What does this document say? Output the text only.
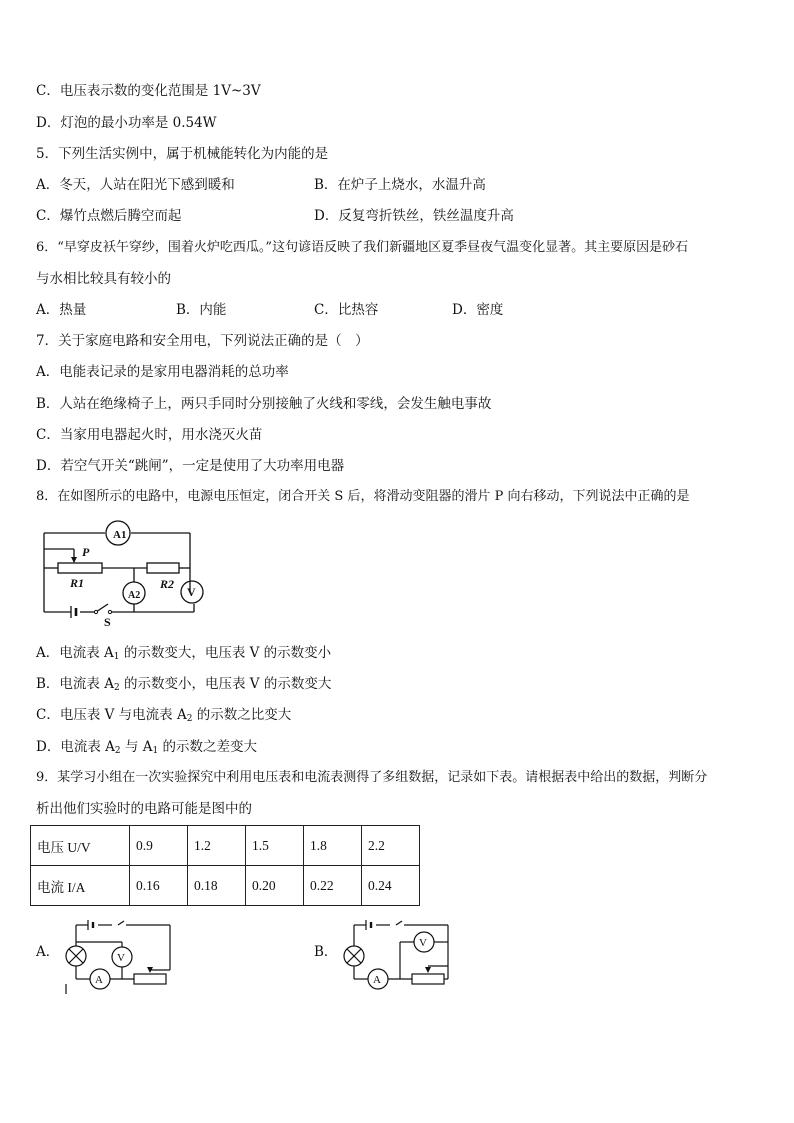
C．电压表示数的变化范围是 1V~3V
D．灯泡的最小功率是 0.54W
5．下列生活实例中，属于机械能转化为内能的是
A．冬天，人站在阳光下感到暖和	B．在炉子上烧水，水温升高
C．爆竹点燃后腾空而起	D．反复弯折铁丝，铁丝温度升高
6．“早穿皮袄午穿纱，围着火炉吃西瓜。”这句谚语反映了我们新疆地区夏季昼夜气温变化显著。其主要原因是砂石
与水相比较具有较小的
A．热量	B．内能	C．比热容	D．密度
7．关于家庭电路和安全用电，下列说法正确的是（　）
A．电能表记录的是家用电器消耗的总功率
B．人站在绝缘椅子上，两只手同时分别接触了火线和零线，会发生触电事故
C．当家用电器起火时，用水浇灭火苗
D．若空气开关“跳闸”，一定是使用了大功率用电器
8．在如图所示的电路中，电源电压恒定，闭合开关 S 后，将滑动变阻器的滑片 P 向右移动，下列说法中正确的是
A1
A2	V
P
R1	R2
S
A．电流表 $A_1$ 的示数变大，电压表 V 的示数变小
B．电流表 $A_2$ 的示数变小，电压表 V 的示数变大
C．电压表 V 与电流表 $A_2$ 的示数之比变大
D．电流表 $A_2$ 与 $A_1$ 的示数之差变大
9．某学习小组在一次实验探究中利用电压表和电流表测得了多组数据，记录如下表。请根据表中给出的数据，判断分
析出他们实验时的电路可能是图中的
电压 U/V	0.9	1.2	1.5	1.8	2.2
电流 I/A	0.16	0.18	0.20	0.22	0.24
A．	V
A
B．
V
A
